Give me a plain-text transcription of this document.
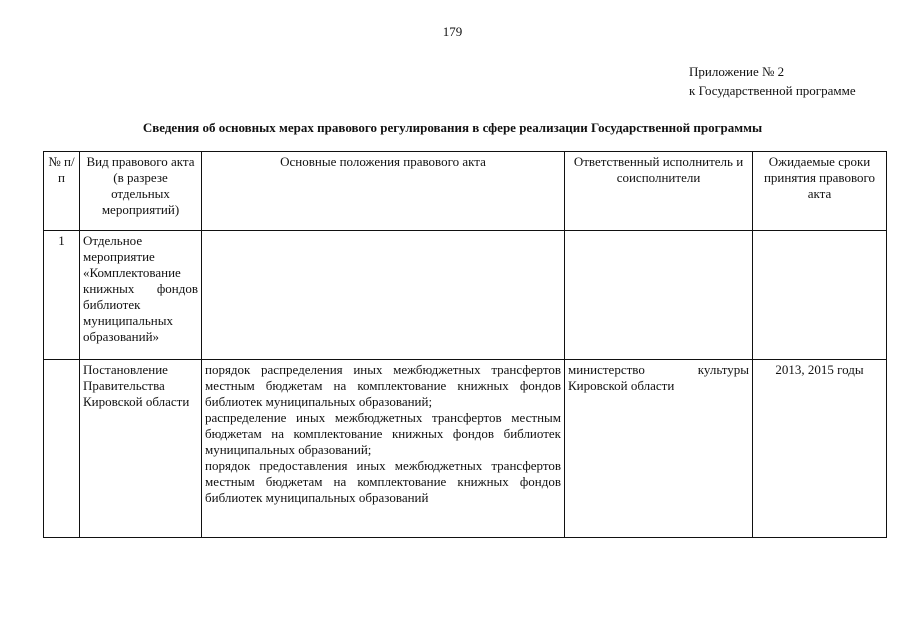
179
Приложение № 2
к Государственной программе
Сведения об основных мерах правового регулирования в сфере реализации Государственной программы
№ п/п	Вид правового акта (в разрезе отдельных мероприятий)	Основные положения правового акта	Ответственный исполнитель и соисполнители	Ожидаемые сроки принятия правового акта
1	Отдельное мероприятие «Комплектование книжных фондов библиотек муниципальных образований»			
	Постановление Правительства Кировской области	порядок распределения иных межбюджетных трансфертов местным бюджетам на комплектование книжных фондов библиотек муниципальных образований;
распределение иных межбюджетных трансфертов местным бюджетам на комплектование книжных фондов библиотек муниципальных образований;
порядок предоставления иных межбюджетных трансфертов местным бюджетам на комплектование книжных фондов библиотек муниципальных образований	министерство культуры Кировской области	2013, 2015 годы
